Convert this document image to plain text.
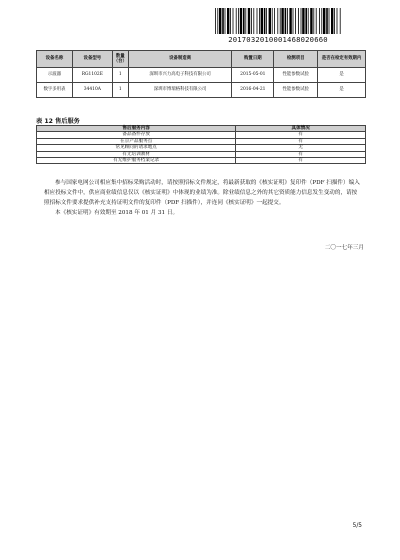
2017032010001468020660
设备名称	设备型号	数量（台）	设备制造商	购置日期	检测项目	是否在检定有效期内
示波器	RG1102E	1	深圳市兴力高电子科技有限公司	2015-05-01	性能参数试验	是
数字多用表	34410A	1	深圳市博瑞格科技有限公司	2016-04-21	性能参数试验	是
表 12 售后服务
售后服务内容	具体情况
备品备件存放	有
在京产品服务点	有
常见顾问的请求地点	无
有无培训教材	有
有无维护服务档案记录	有

参与国家电网公司相应集中招标采购活动时，请按照招标文件规定，将最新获取的《核实证明》复印件（PDF 扫描件）编入相应投标文件中，供应商业绩信息仅以《核实证明》中体现的业绩为准。除业绩信息之外的其它资质能力信息发生变动的，请按照招标文件要求提供补充支持证明文件的复印件（PDF 扫描件），并连同《核实证明》一起提交。

本《核实证明》有效期至 2018 年 01 月 31 日。

二〇一七年三月
5/5
